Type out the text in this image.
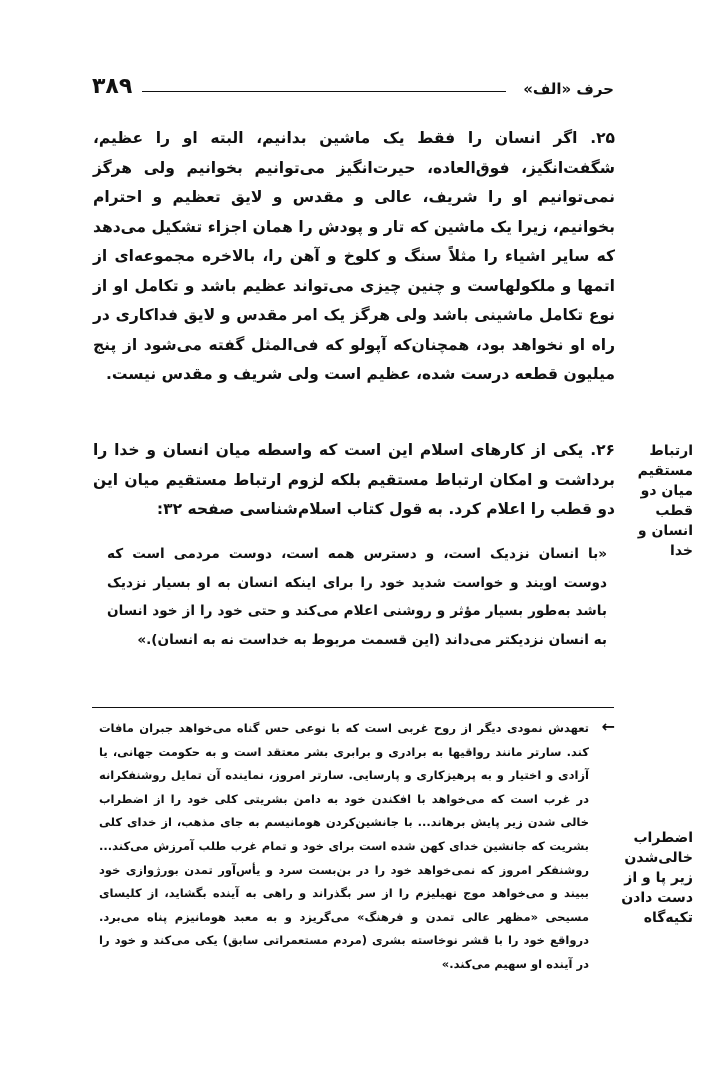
حرف «الف»
۳۸۹
۲۵. اگر انسان را فقط یک ماشین بدانیم، البته او را عظیم، شگفت‌انگیز، فوق‌العاده، حیرت‌انگیز می‌توانیم بخوانیم ولی هرگز نمی‌توانیم او را شریف، عالی و مقدس و لایق تعظیم و احترام بخوانیم، زیرا یک ماشین که تار و پودش را همان اجزاء تشکیل می‌دهد که سایر اشیاء را مثلاً سنگ و کلوخ و آهن را، بالاخره مجموعه‌ای از اتمها و ملکولهاست و چنین چیزی می‌تواند عظیم باشد و تکامل او از نوع تکامل ماشینی باشد ولی هرگز یک امر مقدس و لایق فداکاری در راه او نخواهد بود، همچنان‌که آپولو که فی‌المثل گفته می‌شود از پنج میلیون قطعه درست شده، عظیم است ولی شریف و مقدس نیست.
ارتباط مستقیم میان دو قطب انسان و خدا
۲۶. یکی از کارهای اسلام این است که واسطه میان انسان و خدا را برداشت و امکان ارتباط مستقیم بلکه لزوم ارتباط مستقیم میان این دو قطب را اعلام کرد. به قول کتاب اسلام‌شناسی صفحه ۳۲:
«با انسان نزدیک است، و دسترس همه است، دوست مردمی است که دوست اویند و خواست شدید خود را برای اینکه انسان به او بسیار نزدیک باشد به‌طور بسیار مؤثر و روشنی اعلام می‌کند و حتی خود را از خود انسان به انسان نزدیکتر می‌داند (این قسمت مربوط به خداست نه به انسان).»
←
تعهدش نمودی دیگر از روح غربی است که با نوعی حس گناه می‌خواهد جبران مافات کند. سارتر مانند رواقیها به برادری و برابری بشر معتقد است و به حکومت جهانی، یا آزادی و اختیار و به پرهیزکاری و پارسایی. سارتر امروز، نماینده آن تمایل روشنفکرانه در غرب است که می‌خواهد با افکندن خود به دامن بشریتی کلی خود را از اضطراب خالی شدن زیر پایش برهاند... با جانشین‌کردن هومانیسم به جای مذهب، از خدای کلی بشریت که جانشین خدای کهن شده است برای خود و تمام غرب طلب آمرزش می‌کند... روشنفکر امروز که نمی‌خواهد خود را در بن‌بست سرد و یأس‌آور تمدن بورژوازی خود ببیند و می‌خواهد موج نهیلیزم را از سر بگذراند و راهی به آینده بگشاید، از کلیسای مسیحی «مظهر عالی تمدن و فرهنگ» می‌گریزد و به معبد هومانیزم پناه می‌برد. درواقع خود را با قشر نوخاسته بشری (مردم مستعمراتی سابق) یکی می‌کند و خود را در آینده او سهیم می‌کند.»
اضطراب خالی‌شدن زیر پا و از دست دادن تکیه‌گاه
